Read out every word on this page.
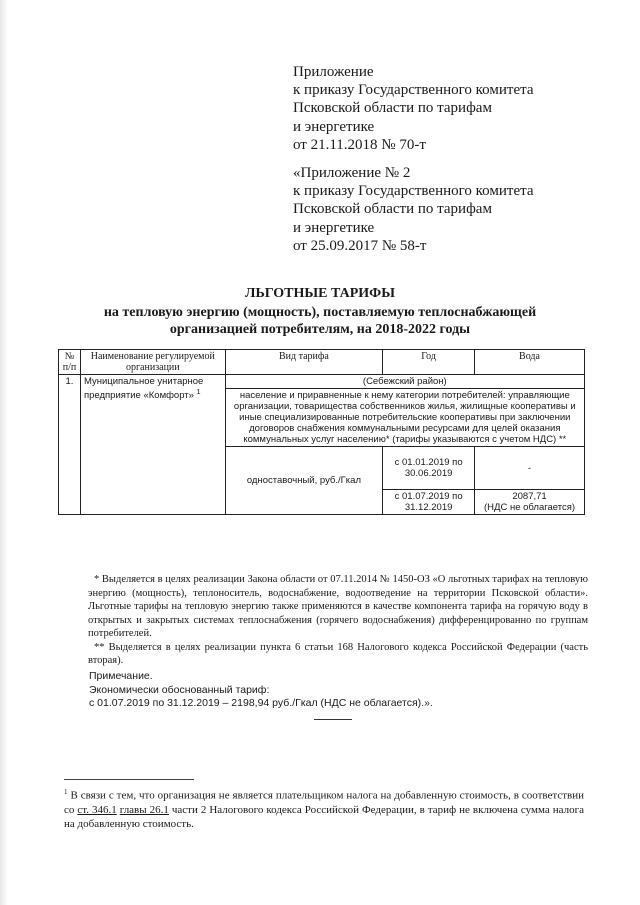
Приложение
к приказу Государственного комитета
Псковской области по тарифам
и энергетике
от 21.11.2018 № 70-т
«Приложение № 2
к приказу Государственного комитета
Псковской области по тарифам
и энергетике
от 25.09.2017 № 58-т
ЛЬГОТНЫЕ ТАРИФЫ
на тепловую энергию (мощность), поставляемую теплоснабжающей
организацией потребителям, на 2018-2022 годы
№ п/п	Наименование регулируемой организации	Вид тарифа	Год	Вода
1.	Муниципальное унитарное предприятие «Комфорт» $^1$	(Себежский район)		
		население и приравненные к нему категории потребителей: управляющие организации, товарищества собственников жилья, жилищные кооперативы и иные специализированные потребительские кооперативы при заключении договоров снабжения коммунальными ресурсами для целей оказания коммунальных услуг населению* (тарифы указываются с учетом НДС) **		
		одноставочный, руб./Гкал	с 01.01.2019 по 30.06.2019	-
			с 01.07.2019 по 31.12.2019	2087,71
(НДС не облагается)

* Выделяется в целях реализации Закона области от 07.11.2014 № 1450-ОЗ «О льготных тарифах на тепловую энергию (мощность), теплоноситель, водоснабжение, водоотведение на территории Псковской области». Льготные тарифы на тепловую энергию также применяются в качестве компонента тарифа на горячую воду в открытых и закрытых системах теплоснабжения (горячего водоснабжения) дифференцированно по группам потребителей.

** Выделяется в целях реализации пункта 6 статьи 168 Налогового кодекса Российской Федерации (часть вторая).

Примечание.
Экономически обоснованный тариф:
с 01.07.2019 по 31.12.2019 – 2198,94 руб./Гкал (НДС не облагается).».
$^1$ В связи с тем, что организация не является плательщиком налога на добавленную стоимость, в соответствии со ст. 346.1 главы 26.1 части 2 Налогового кодекса Российской Федерации, в тариф не включена сумма налога на добавленную стоимость.
